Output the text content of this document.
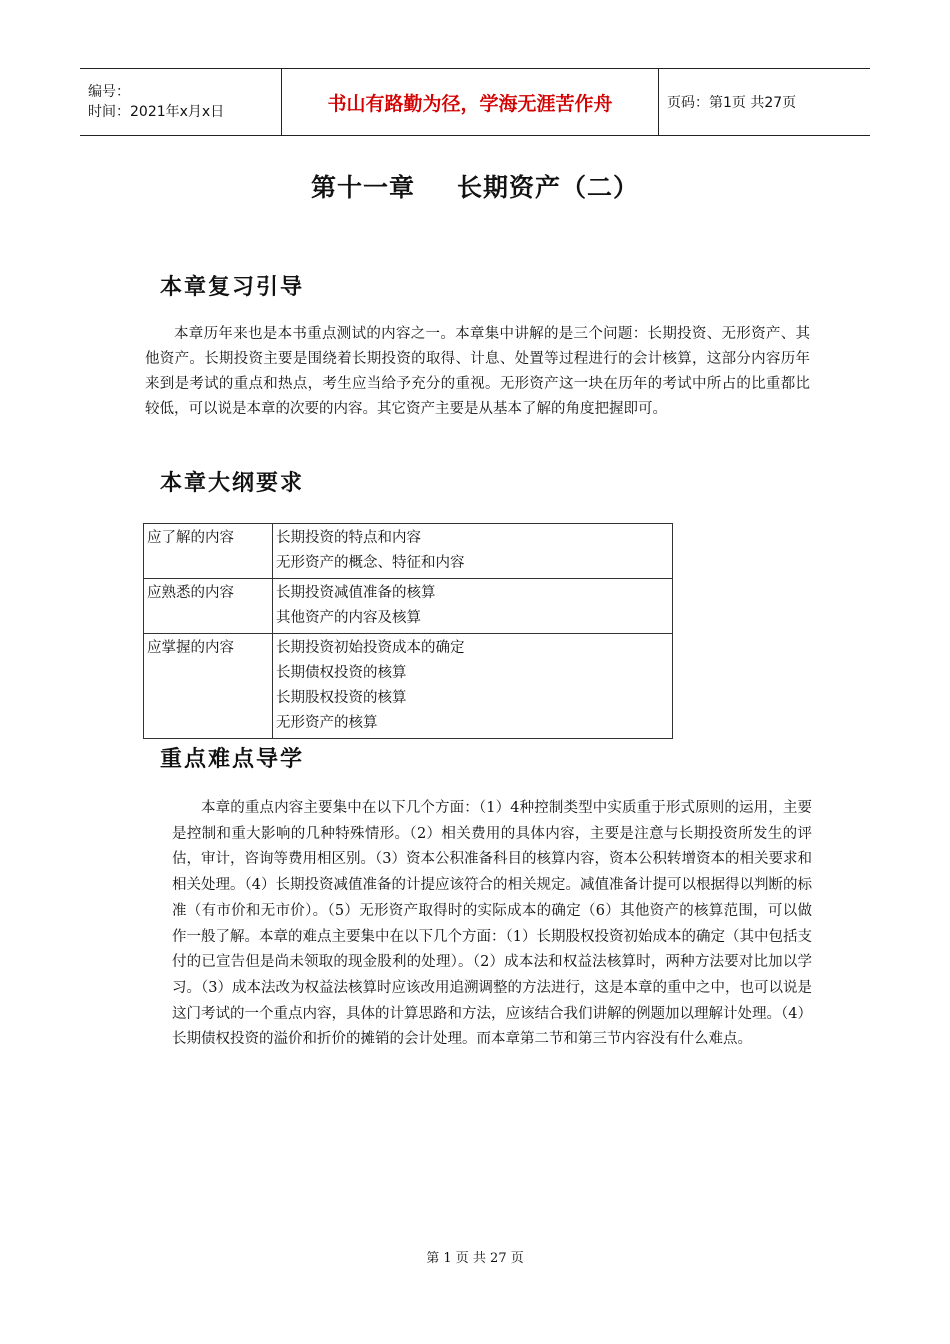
编号：
时间：2021年x月x日	书山有路勤为径，学海无涯苦作舟	页码：第1页 共27页
第十一章 长期资产（二）
本章复习引导

本章历年来也是本书重点测试的内容之一。本章集中讲解的是三个问题：长期投资、无形资产、其他资产。长期投资主要是围绕着长期投资的取得、计息、处置等过程进行的会计核算，这部分内容历年来到是考试的重点和热点，考生应当给予充分的重视。无形资产这一块在历年的考试中所占的比重都比较低，可以说是本章的次要的内容。其它资产主要是从基本了解的角度把握即可。

本章大纲要求
应了解的内容	长期投资的特点和内容
无形资产的概念、特征和内容

应熟悉的内容	长期投资减值准备的核算
其他资产的内容及核算

应掌握的内容	长期投资初始投资成本的确定
长期债权投资的核算
长期股权投资的核算
无形资产的核算
重点难点导学

本章的重点内容主要集中在以下几个方面：（1）4种控制类型中实质重于形式原则的运用，主要是控制和重大影响的几种特殊情形。（2）相关费用的具体内容，主要是注意与长期投资所发生的评估，审计，咨询等费用相区别。（3）资本公积准备科目的核算内容，资本公积转增资本的相关要求和相关处理。（4）长期投资减值准备的计提应该符合的相关规定。减值准备计提可以根据得以判断的标准（有市价和无市价）。（5）无形资产取得时的实际成本的确定（6）其他资产的核算范围，可以做作一般了解。本章的难点主要集中在以下几个方面：（1）长期股权投资初始成本的确定（其中包括支付的已宣告但是尚未领取的现金股利的处理）。（2）成本法和权益法核算时，两种方法要对比加以学习。（3）成本法改为权益法核算时应该改用追溯调整的方法进行，这是本章的重中之中，也可以说是这门考试的一个重点内容，具体的计算思路和方法，应该结合我们讲解的例题加以理解计处理。（4）长期债权投资的溢价和折价的摊销的会计处理。而本章第二节和第三节内容没有什么难点。

第 1 页 共 27 页
